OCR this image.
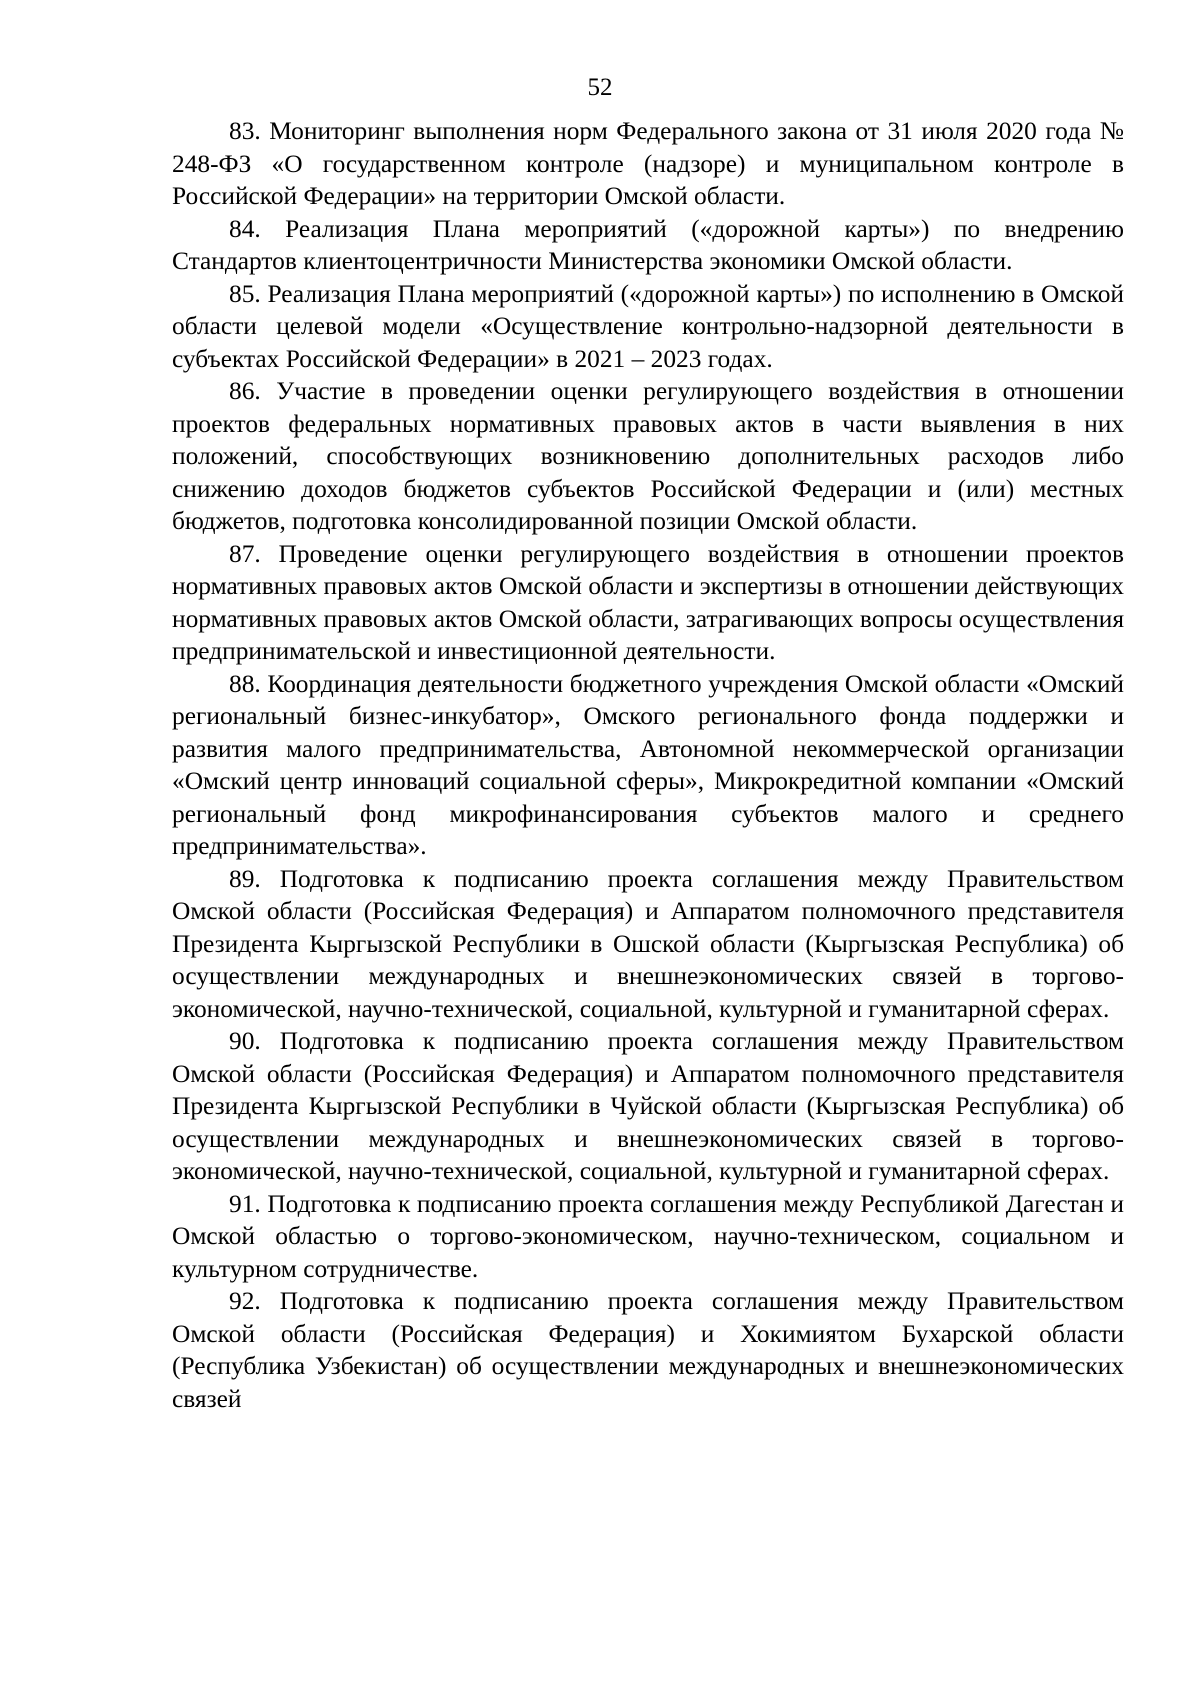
52

83. Мониторинг выполнения норм Федерального закона от 31 июля 2020 года № 248-ФЗ «О государственном контроле (надзоре) и муниципальном контроле в Российской Федерации» на территории Омской области.

84. Реализация Плана мероприятий («дорожной карты») по внедрению Стандартов клиентоцентричности Министерства экономики Омской области.

85. Реализация Плана мероприятий («дорожной карты») по исполнению в Омской области целевой модели «Осуществление контрольно-надзорной деятельности в субъектах Российской Федерации» в 2021 – 2023 годах.

86. Участие в проведении оценки регулирующего воздействия в отношении проектов федеральных нормативных правовых актов в части выявления в них положений, способствующих возникновению дополнительных расходов либо снижению доходов бюджетов субъектов Российской Федерации и (или) местных бюджетов, подготовка консолидированной позиции Омской области.

87. Проведение оценки регулирующего воздействия в отношении проектов нормативных правовых актов Омской области и экспертизы в отношении действующих нормативных правовых актов Омской области, затрагивающих вопросы осуществления предпринимательской и инвестиционной деятельности.

88. Координация деятельности бюджетного учреждения Омской области «Омский региональный бизнес-инкубатор», Омского регионального фонда поддержки и развития малого предпринимательства, Автономной некоммерческой организации «Омский центр инноваций социальной сферы», Микрокредитной компании «Омский региональный фонд микрофинансирования субъектов малого и среднего предпринимательства».

89. Подготовка к подписанию проекта соглашения между Правительством Омской области (Российская Федерация) и Аппаратом полномочного представителя Президента Кыргызской Республики в Ошской области (Кыргызская Республика) об осуществлении международных и внешнеэкономических связей в торгово-экономической, научно-технической, социальной, культурной и гуманитарной сферах.

90. Подготовка к подписанию проекта соглашения между Правительством Омской области (Российская Федерация) и Аппаратом полномочного представителя Президента Кыргызской Республики в Чуйской области (Кыргызская Республика) об осуществлении международных и внешнеэкономических связей в торгово-экономической, научно-технической, социальной, культурной и гуманитарной сферах.

91. Подготовка к подписанию проекта соглашения между Республикой Дагестан и Омской областью о торгово-экономическом, научно-техническом, социальном и культурном сотрудничестве.

92. Подготовка к подписанию проекта соглашения между Правительством Омской области (Российская Федерация) и Хокимиятом Бухарской области (Республика Узбекистан) об осуществлении международных и внешнеэкономических связей
